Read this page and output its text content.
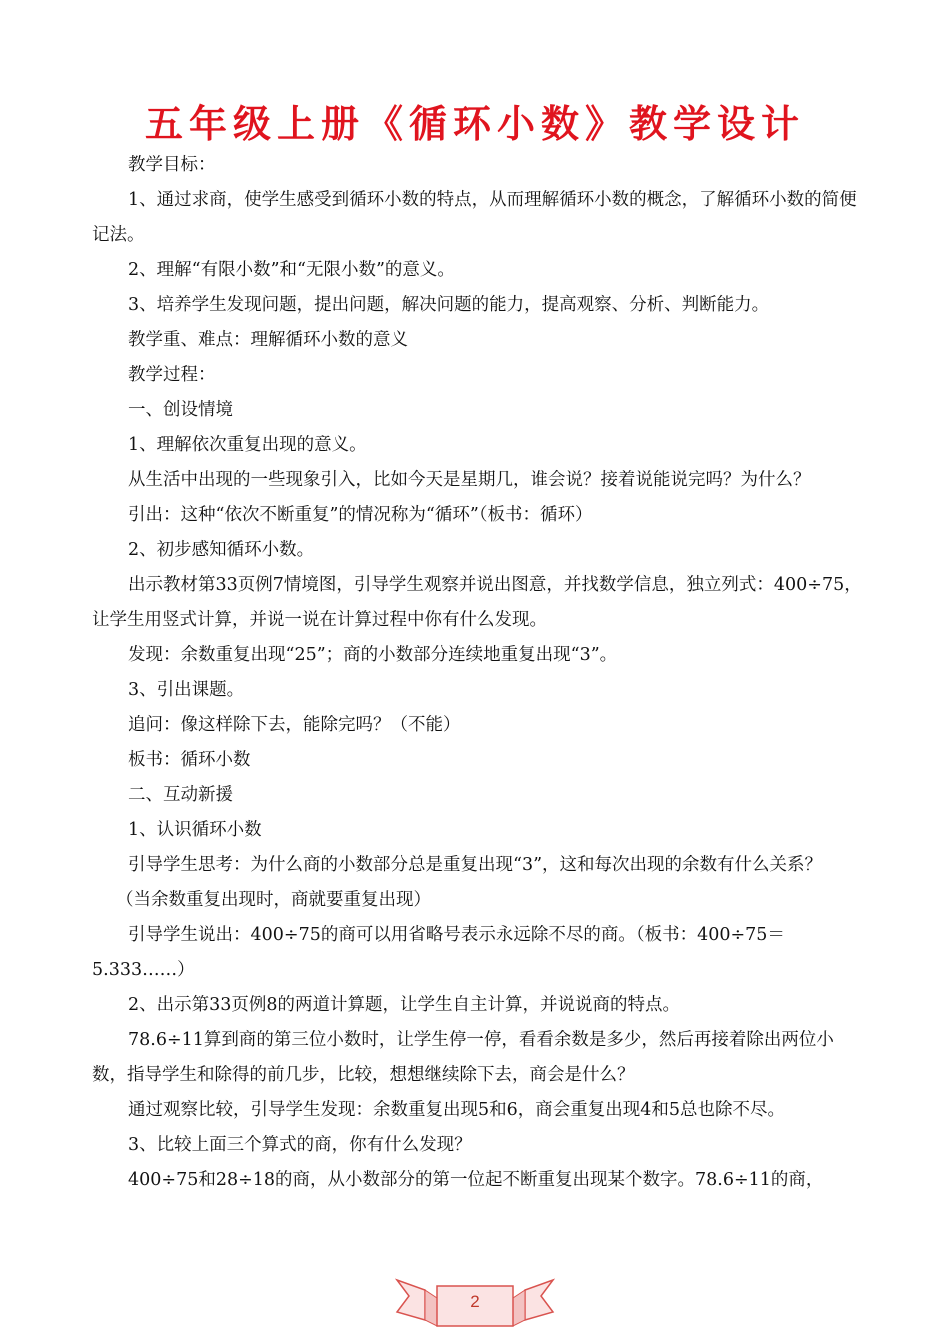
五年级上册《循环小数》教学设计

教学目标：

1、通过求商，使学生感受到循环小数的特点，从而理解循环小数的概念，了解循环小数的简便记法。

2、理解“有限小数”和“无限小数”的意义。

3、培养学生发现问题，提出问题，解决问题的能力，提高观察、分析、判断能力。

教学重、难点：理解循环小数的意义

教学过程：

一、创设情境

1、理解依次重复出现的意义。

从生活中出现的一些现象引入，比如今天是星期几，谁会说？接着说能说完吗？为什么？

引出：这种“依次不断重复”的情况称为“循环”（板书：循环）

2、初步感知循环小数。

出示教材第33页例7情境图，引导学生观察并说出图意，并找数学信息，独立列式：400÷75，让学生用竖式计算，并说一说在计算过程中你有什么发现。

发现：余数重复出现“25”；商的小数部分连续地重复出现“3”。

3、引出课题。

追问：像这样除下去，能除完吗？（不能）

板书：循环小数

二、互动新援

1、认识循环小数

引导学生思考：为什么商的小数部分总是重复出现“3”，这和每次出现的余数有什么关系？

（当余数重复出现时，商就要重复出现）

引导学生说出：400÷75的商可以用省略号表示永远除不尽的商。（板书：400÷75＝5.333……）

2、出示第33页例8的两道计算题，让学生自主计算，并说说商的特点。

78.6÷11算到商的第三位小数时，让学生停一停，看看余数是多少，然后再接着除出两位小数，指导学生和除得的前几步，比较，想想继续除下去，商会是什么？

通过观察比较，引导学生发现：余数重复出现5和6，商会重复出现4和5总也除不尽。

3、比较上面三个算式的商，你有什么发现？

400÷75和28÷18的商，从小数部分的第一位起不断重复出现某个数字。78.6÷11的商，

2
